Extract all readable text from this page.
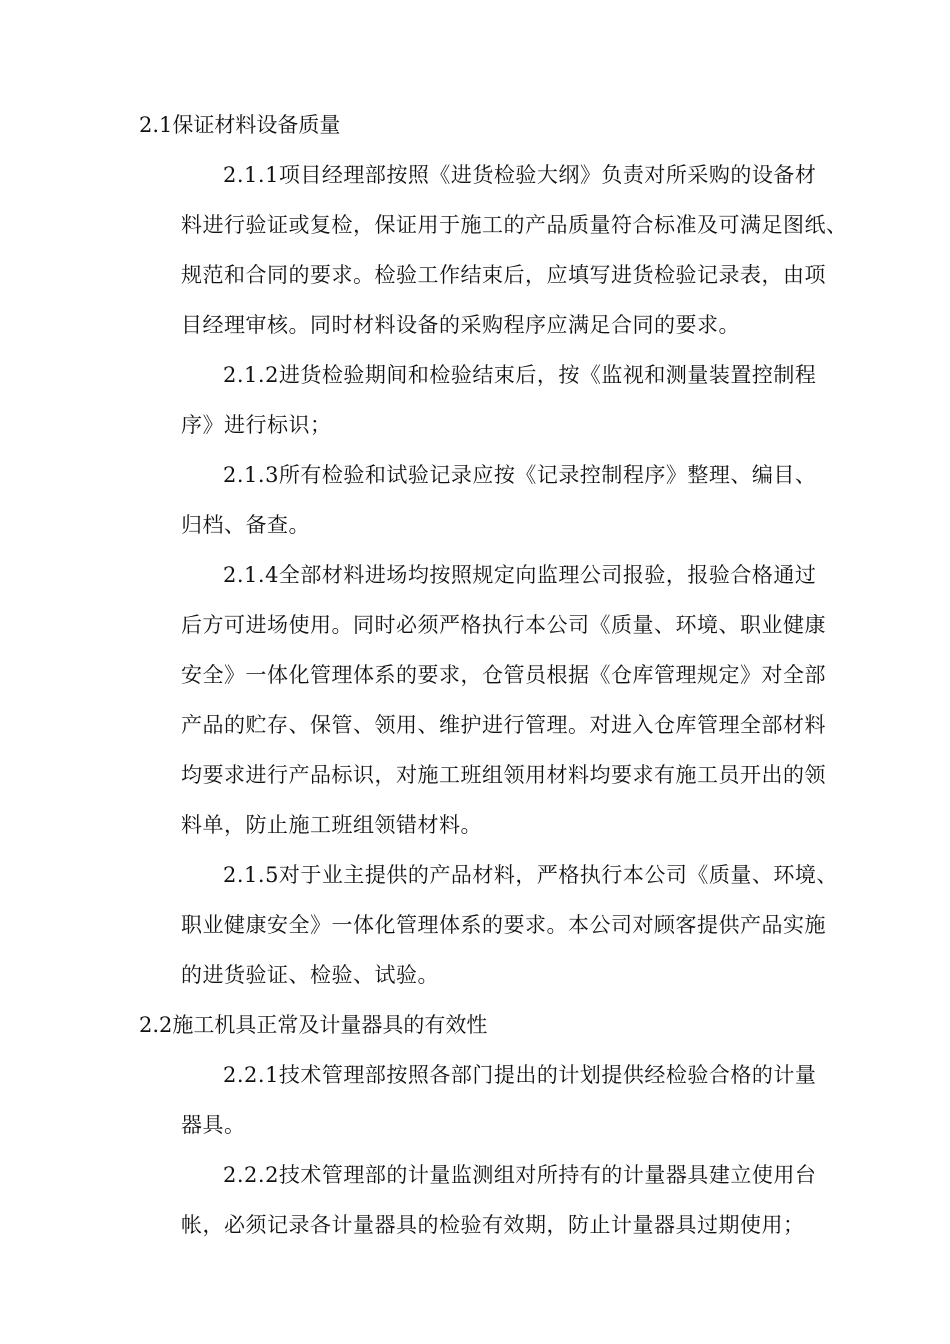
2.1保证材料设备质量

2.1.1项目经理部按照《进货检验大纲》负责对所采购的设备材
料进行验证或复检，保证用于施工的产品质量符合标准及可满足图纸、
规范和合同的要求。检验工作结束后，应填写进货检验记录表，由项
目经理审核。同时材料设备的采购程序应满足合同的要求。
2.1.2进货检验期间和检验结束后，按《监视和测量装置控制程
序》进行标识；
2.1.3所有检验和试验记录应按《记录控制程序》整理、编目、
归档、备查。
2.1.4全部材料进场均按照规定向监理公司报验，报验合格通过
后方可进场使用。同时必须严格执行本公司《质量、环境、职业健康
安全》一体化管理体系的要求，仓管员根据《仓库管理规定》对全部
产品的贮存、保管、领用、维护进行管理。对进入仓库管理全部材料
均要求进行产品标识，对施工班组领用材料均要求有施工员开出的领
料单，防止施工班组领错材料。
2.1.5对于业主提供的产品材料，严格执行本公司《质量、环境、
职业健康安全》一体化管理体系的要求。本公司对顾客提供产品实施
的进货验证、检验、试验。

2.2施工机具正常及计量器具的有效性

2.2.1技术管理部按照各部门提出的计划提供经检验合格的计量
器具。
2.2.2技术管理部的计量监测组对所持有的计量器具建立使用台
帐，必须记录各计量器具的检验有效期，防止计量器具过期使用；
